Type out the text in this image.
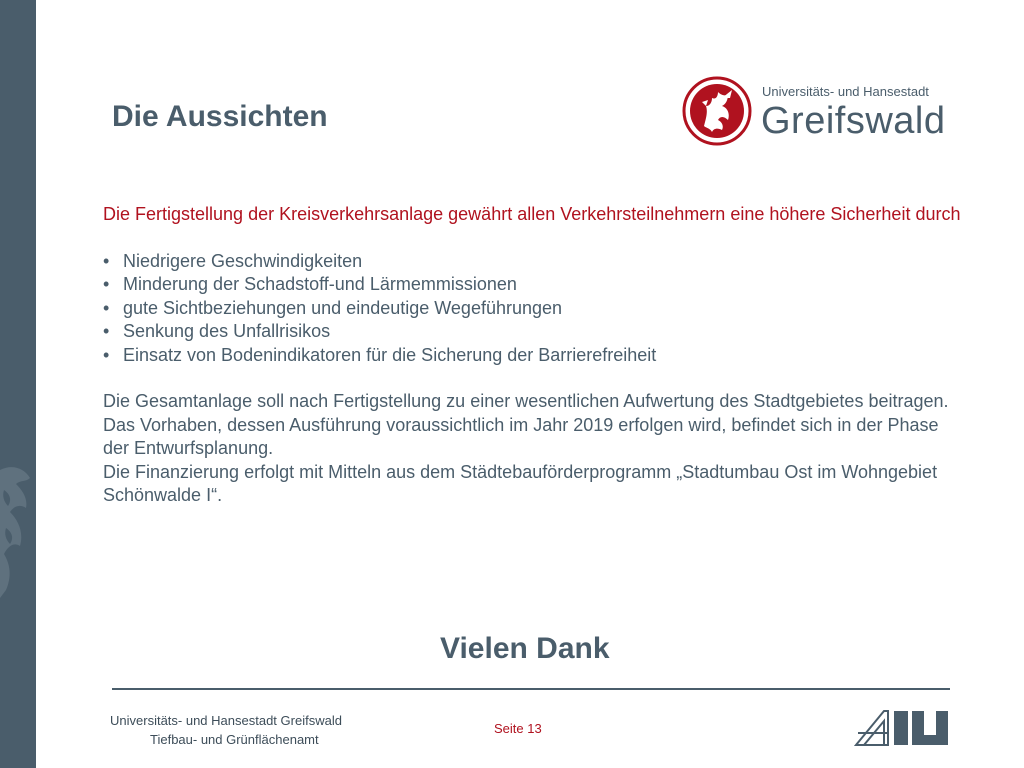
Die Aussichten
Universitäts- und Hansestadt
Greifswald

Die Fertigstellung der Kreisverkehrsanlage gewährt allen Verkehrsteilnehmern eine höhere Sicherheit durch

• Niedrigere Geschwindigkeiten
• Minderung der Schadstoff-und Lärmemmissionen
• gute Sichtbeziehungen und eindeutige Wegeführungen
• Senkung des Unfallrisikos
• Einsatz von Bodenindikatoren für die Sicherung der Barrierefreiheit

Die Gesamtanlage soll nach Fertigstellung zu einer wesentlichen Aufwertung des Stadtgebietes beitragen.

Das Vorhaben, dessen Ausführung voraussichtlich im Jahr 2019 erfolgen wird, befindet sich in der Phase der Entwurfsplanung.

Die Finanzierung erfolgt mit Mitteln aus dem Städtebauförderprogramm „Stadtumbau Ost im Wohngebiet Schönwalde I“.

Vielen Dank
Universitäts- und Hansestadt Greifswald
Tiefbau- und Grünflächenamt
Seite 13
